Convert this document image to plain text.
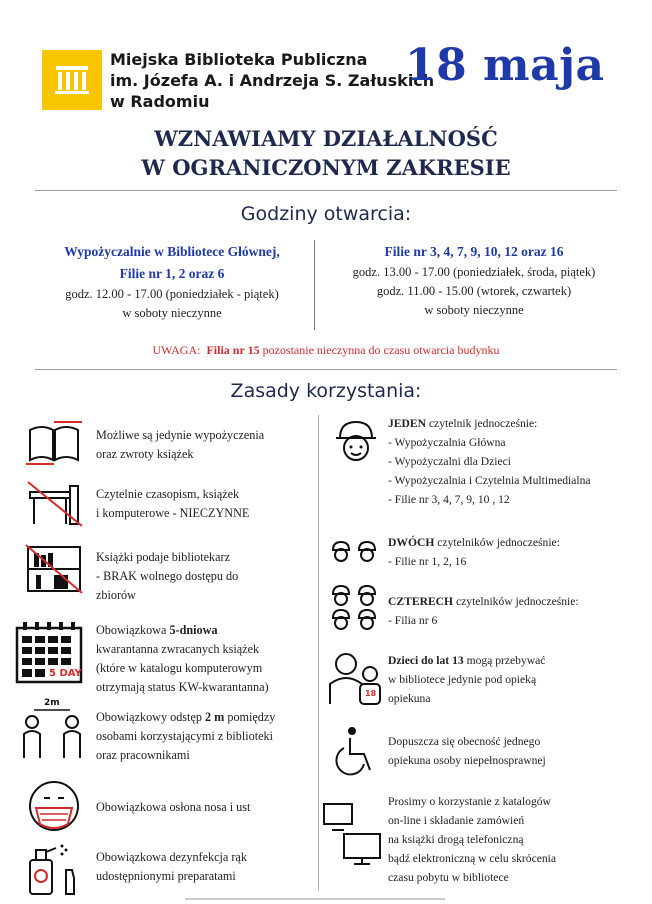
Miejska Biblioteka Publiczna
im. Józefa A. i Andrzeja S. Załuskich
w Radomiu
18 maja
WZNAWIAMY DZIAŁALNOŚĆ
W OGRANICZONYM ZAKRESIE
Godziny otwarcia:
Wypożyczalnie w Bibliotece Głównej,
Filie nr 1, 2 oraz 6
godz. 12.00 - 17.00 (poniedziałek - piątek)
w soboty nieczynne
Filie nr 3, 4, 7, 9, 10, 12 oraz 16
godz. 13.00 - 17.00 (poniedziałek, środa, piątek)
godz. 11.00 - 15.00 (wtorek, czwartek)
w soboty nieczynne
UWAGA: Filia nr 15 pozostanie nieczynna do czasu otwarcia budynku
Zasady korzystania:
Możliwe są jedynie wypożyczenia
oraz zwroty książek
Czytelnie czasopism, książek
i komputerowe - NIECZYNNE
Książki podaje bibliotekarz
- BRAK wolnego dostępu do
zbiorów
5 DAY
Obowiązkowa 5-dniowa
kwarantanna zwracanych książek
(które w katalogu komputerowym
otrzymają status KW-kwarantanna)
2m
Obowiązkowy odstęp 2 m pomiędzy
osobami korzystającymi z biblioteki
oraz pracownikami
Obowiązkowa osłona nosa i ust
Obowiązkowa dezynfekcja rąk
udostępnionymi preparatami
JEDEN czytelnik jednocześnie:
- Wypożyczalnia Główna
- Wypożyczalni dla Dzieci
- Wypożyczalnia i Czytelnia Multimedialna
- Filie nr 3, 4, 7, 9, 10 , 12
DWÓCH czytelników jednocześnie:
- Filie nr 1, 2, 16
CZTERECH czytelników jednocześnie:
- Filia nr 6
18
Dzieci do lat 13 mogą przebywać
w bibliotece jedynie pod opieką
opiekuna
Dopuszcza się obecność jednego
opiekuna osoby niepełnosprawnej
Prosimy o korzystanie z katalogów
on-line i składanie zamówień
na książki drogą telefoniczną
bądź elektroniczną w celu skrócenia
czasu pobytu w bibliotece
